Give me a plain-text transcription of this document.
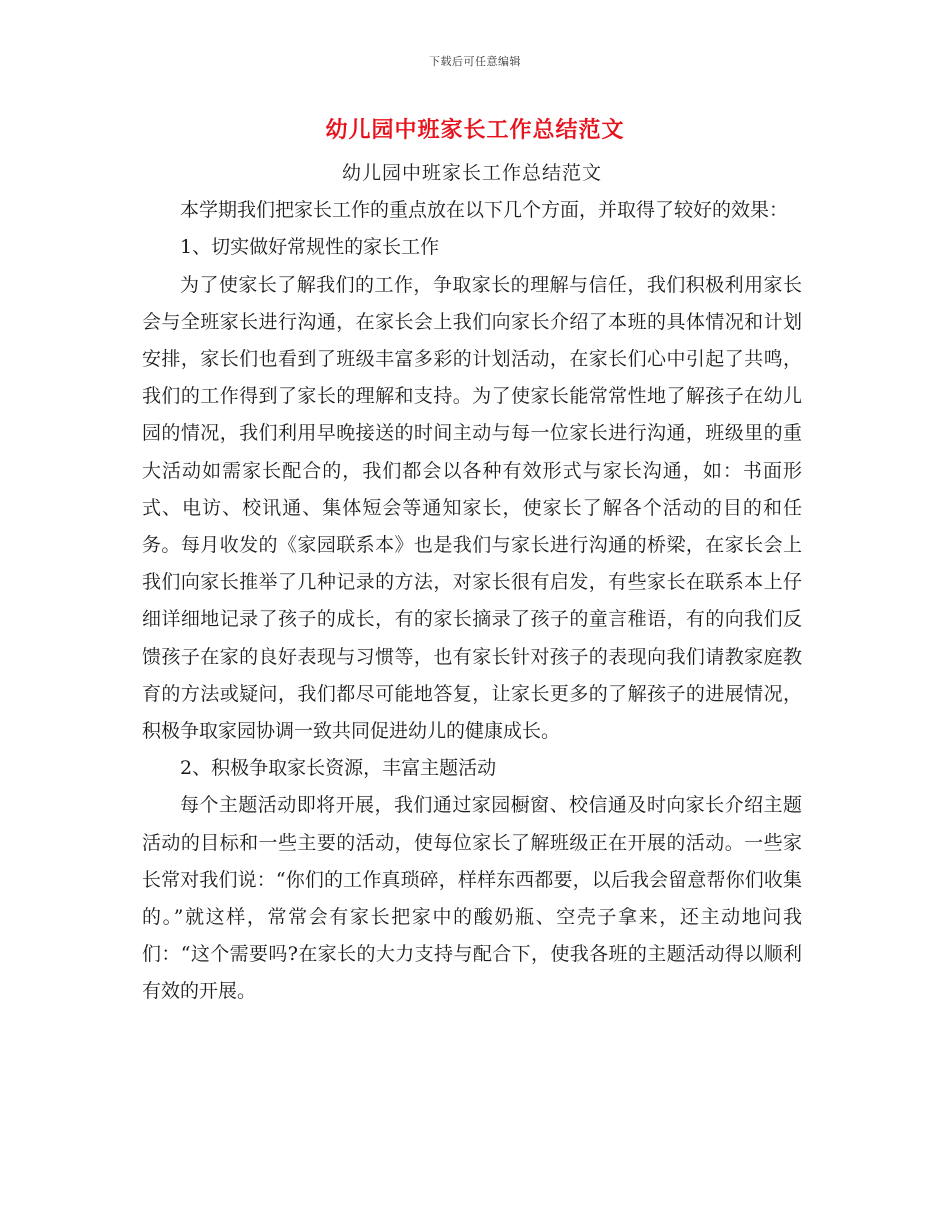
下载后可任意编辑
幼儿园中班家长工作总结范文

幼儿园中班家长工作总结范文

本学期我们把家长工作的重点放在以下几个方面，并取得了较好的效果：

1、切实做好常规性的家长工作

为了使家长了解我们的工作，争取家长的理解与信任，我们积极利用家长会与全班家长进行沟通，在家长会上我们向家长介绍了本班的具体情况和计划安排，家长们也看到了班级丰富多彩的计划活动，在家长们心中引起了共鸣，我们的工作得到了家长的理解和支持。为了使家长能常常性地了解孩子在幼儿园的情况，我们利用早晚接送的时间主动与每一位家长进行沟通，班级里的重大活动如需家长配合的，我们都会以各种有效形式与家长沟通，如：书面形式、电访、校讯通、集体短会等通知家长，使家长了解各个活动的目的和任务。每月收发的《家园联系本》也是我们与家长进行沟通的桥梁，在家长会上我们向家长推举了几种记录的方法，对家长很有启发，有些家长在联系本上仔细详细地记录了孩子的成长，有的家长摘录了孩子的童言稚语，有的向我们反馈孩子在家的良好表现与习惯等，也有家长针对孩子的表现向我们请教家庭教育的方法或疑问，我们都尽可能地答复，让家长更多的了解孩子的进展情况，积极争取家园协调一致共同促进幼儿的健康成长。

2、积极争取家长资源，丰富主题活动

每个主题活动即将开展，我们通过家园橱窗、校信通及时向家长介绍主题活动的目标和一些主要的活动，使每位家长了解班级正在开展的活动。一些家长常对我们说：“你们的工作真琐碎，样样东西都要，以后我会留意帮你们收集的。”就这样，常常会有家长把家中的酸奶瓶、空壳子拿来，还主动地问我们：“这个需要吗?在家长的大力支持与配合下，使我各班的主题活动得以顺利有效的开展。
